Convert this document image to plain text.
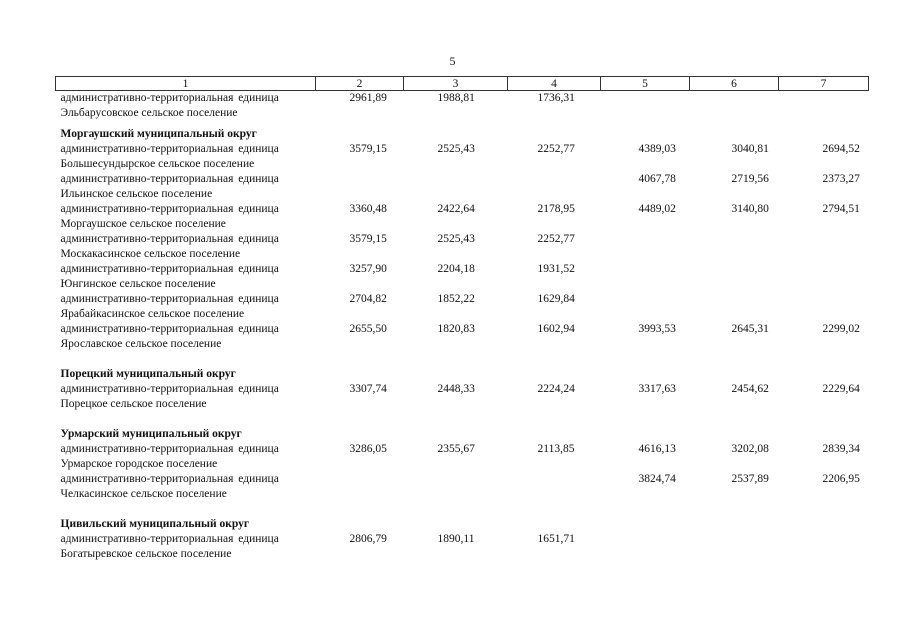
5
1	2	3	4	5	6	7

административно-территориальная единица
Эльбарусовское сельское поселение	2961,89	1988,81	1736,31			
Моргаушский муниципальный округ						

административно-территориальная единица
Большесундырское сельское поселение	3579,15	2525,43	2252,77	4389,03	3040,81	2694,52

административно-территориальная единица
Ильинское сельское поселение				4067,78	2719,56	2373,27

административно-территориальная единица
Моргаушское сельское поселение	3360,48	2422,64	2178,95	4489,02	3140,80	2794,51

административно-территориальная единица
Москакасинское сельское поселение	3579,15	2525,43	2252,77			

административно-территориальная единица
Юнгинское сельское поселение	3257,90	2204,18	1931,52			

административно-территориальная единица
Ярабайкасинское сельское поселение	2704,82	1852,22	1629,84			

административно-территориальная единица
Ярославское сельское поселение	2655,50	1820,83	1602,94	3993,53	2645,31	2299,02

Порецкий муниципальный округ						

административно-территориальная единица
Порецкое сельское поселение	3307,74	2448,33	2224,24	3317,63	2454,62	2229,64

Урмарский муниципальный округ						

административно-территориальная единица
Урмарское городское поселение	3286,05	2355,67	2113,85	4616,13	3202,08	2839,34

административно-территориальная единица
Челкасинское сельское поселение				3824,74	2537,89	2206,95

Цивильский муниципальный округ						

административно-территориальная единица
Богатыревское сельское поселение	2806,79	1890,11	1651,71			
